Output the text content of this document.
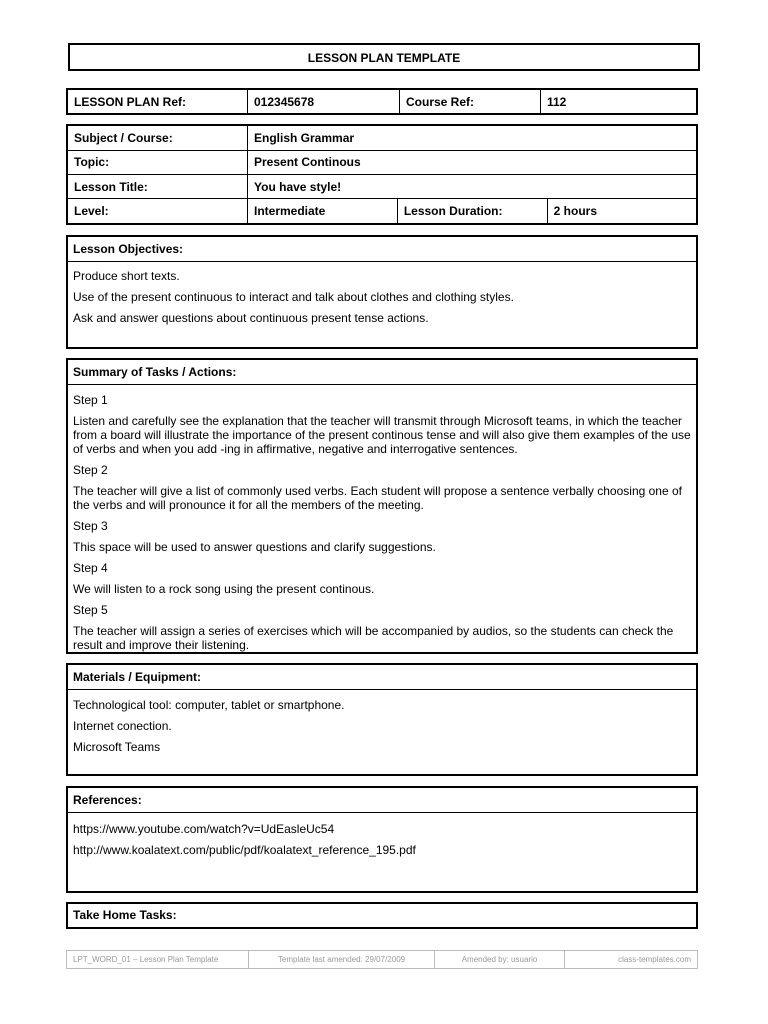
LESSON PLAN TEMPLATE
LESSON PLAN Ref:	012345678	Course Ref:	112
Subject / Course:	English Grammar		
Topic:	Present Continous		
Lesson Title:	You have style!		
Level:	Intermediate	Lesson Duration:	2 hours
Lesson Objectives:

Produce short texts.

Use of the present continuous to interact and talk about clothes and clothing styles.

Ask and answer questions about continuous present tense actions.

Summary of Tasks / Actions:

Step 1

Listen and carefully see the explanation that the teacher will transmit through Microsoft teams, in which the teacher from a board will illustrate the importance of the present continous tense and will also give them examples of the use of verbs and when you add -ing in affirmative, negative and interrogative sentences.

Step 2

The teacher will give a list of commonly used verbs. Each student will propose a sentence verbally choosing one of the verbs and will pronounce it for all the members of the meeting.

Step 3

This space will be used to answer questions and clarify suggestions.

Step 4

We will listen to a rock song using the present continous.

Step 5

The teacher will assign a series of exercises which will be accompanied by audios, so the students can check the result and improve their listening.

Materials / Equipment:

Technological tool: computer, tablet or smartphone.

Internet conection.

Microsoft Teams

References:

https://www.youtube.com/watch?v=UdEasleUc54

http://www.koalatext.com/public/pdf/koalatext_reference_195.pdf

Take Home Tasks:
LPT_WORD_01 – Lesson Plan Template	Template last amended: 29/07/2009	Amended by: usuario	class-templates.com
